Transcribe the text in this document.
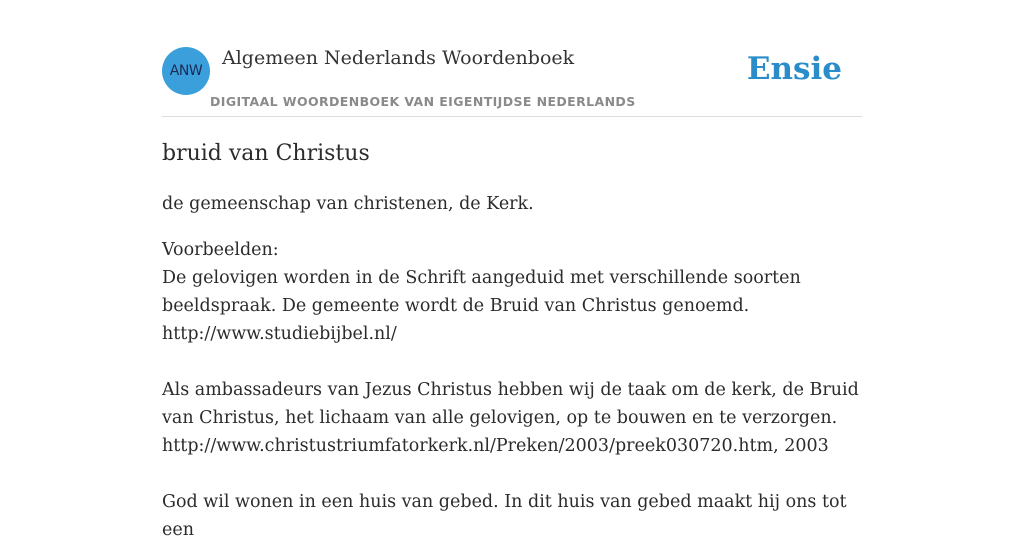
ANW
Algemeen Nederlands Woordenboek
DIGITAAL WOORDENBOEK VAN EIGENTIJDSE NEDERLANDS
Ensie
bruid van Christus

de gemeenschap van christenen, de Kerk.

Voorbeelden:

De gelovigen worden in de Schrift aangeduid met verschillende soorten beeldspraak. De gemeente wordt de Bruid van Christus genoemd.

http://www.studiebijbel.nl/

Als ambassadeurs van Jezus Christus hebben wij de taak om de kerk, de Bruid van Christus, het lichaam van alle gelovigen, op te bouwen en te verzorgen.

http://www.christustriumfatorkerk.nl/Preken/2003/preek030720.htm, 2003

God wil wonen in een huis van gebed. In dit huis van gebed maakt hij ons tot een
